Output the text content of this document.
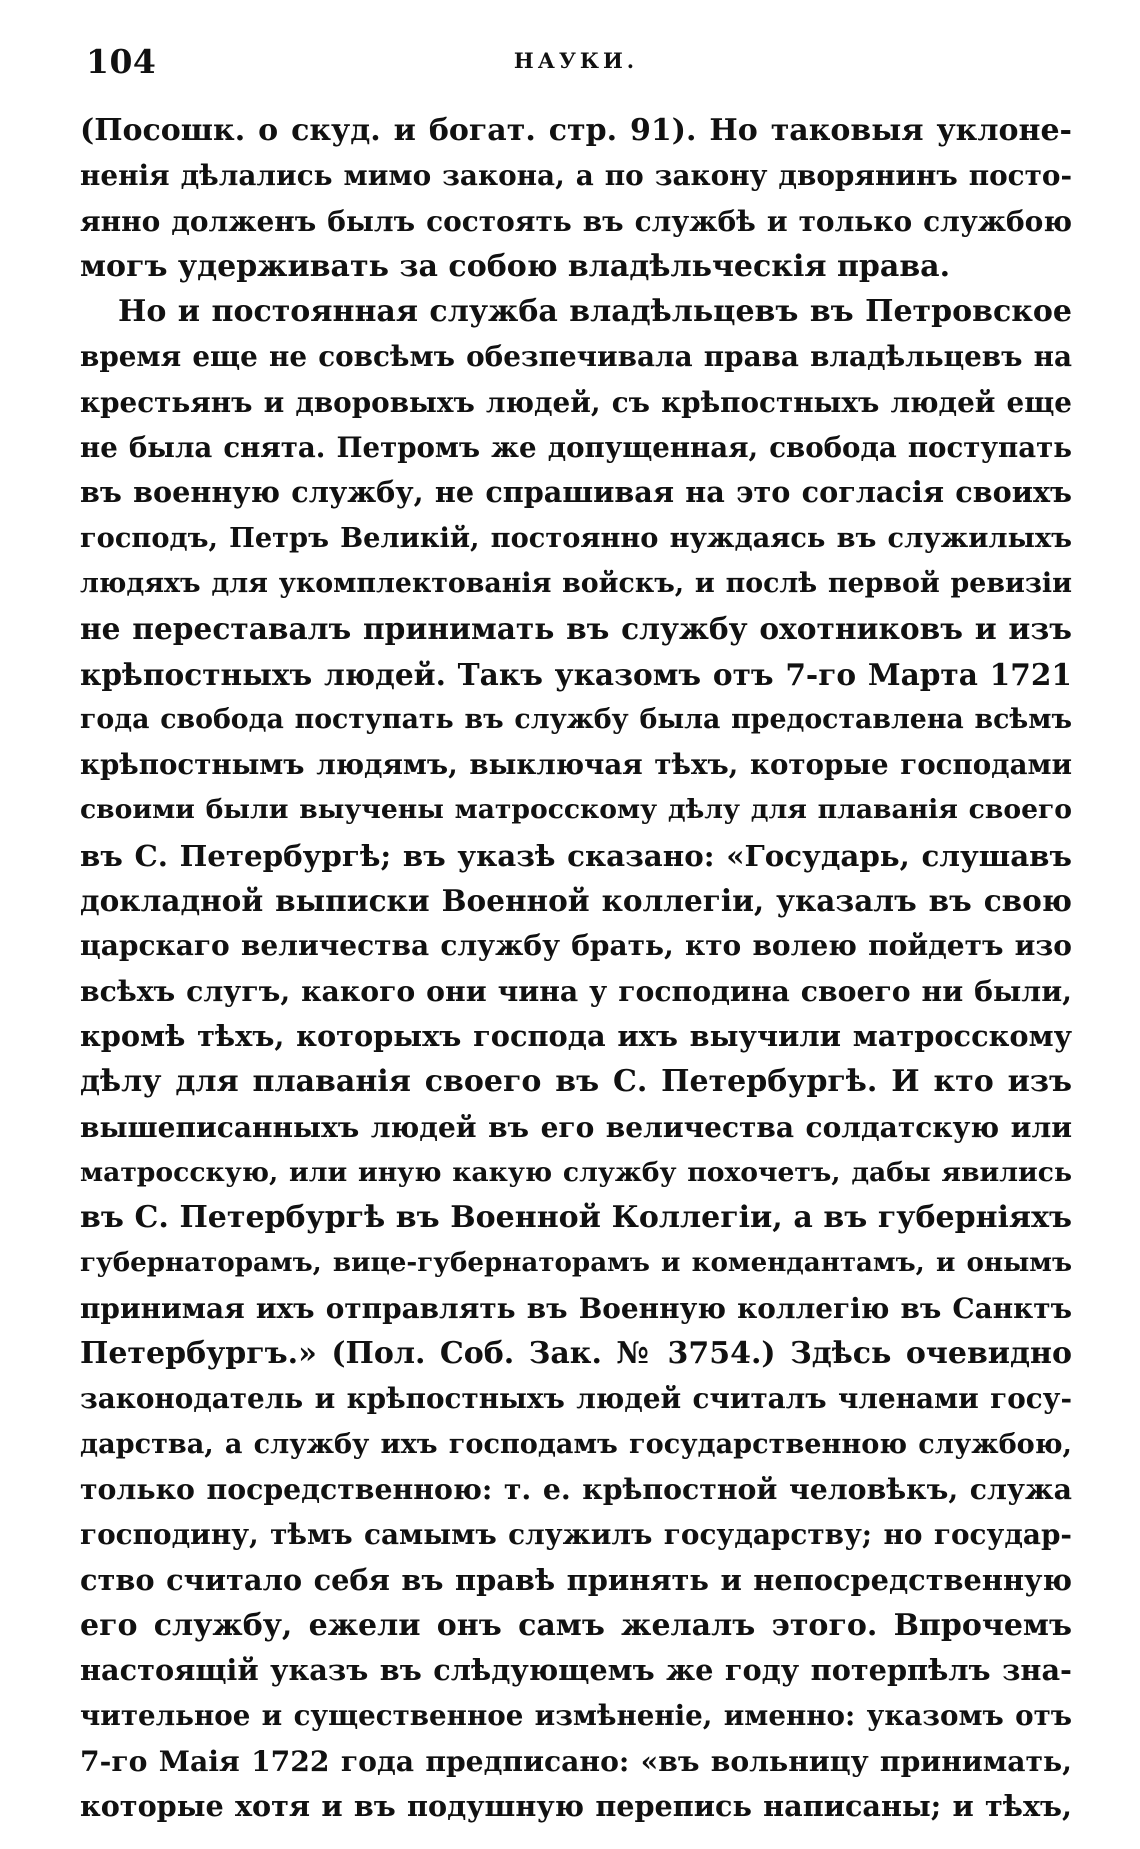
104	НАУКИ.
(Посошк. о скуд. и богат. стр. 91). Но таковыя уклоне-
ненія дѣлались мимо закона, а по закону дворянинъ посто-
янно долженъ былъ состоять въ службѣ и только службою
могъ удерживать за собою владѣльческія права.
Но и постоянная служба владѣльцевъ въ Петровское
время еще не совсѣмъ обезпечивала права владѣльцевъ на
крестьянъ и дворовыхъ людей, съ крѣпостныхъ людей еще
не была снята. Петромъ же допущенная, свобода поступать
въ военную службу, не спрашивая на это согласія своихъ
господъ, Петръ Великій, постоянно нуждаясь въ служилыхъ
людяхъ для укомплектованія войскъ, и послѣ первой ревизіи
не переставалъ принимать въ службу охотниковъ и изъ
крѣпостныхъ людей. Такъ указомъ отъ 7-го Марта 1721
года свобода поступать въ службу была предоставлена всѣмъ
крѣпостнымъ людямъ, выключая тѣхъ, которые господами
своими были выучены матросскому дѣлу для плаванія своего
въ С. Петербургѣ; въ указѣ сказано: «Государь, слушавъ
докладной выписки Военной коллегіи, указалъ въ свою
царскаго величества службу брать, кто волею пойдетъ изо
всѣхъ слугъ, какого они чина у господина своего ни были,
кромѣ тѣхъ, которыхъ господа ихъ выучили матросскому
дѣлу для плаванія своего въ С. Петербургѣ. И кто изъ
вышеписанныхъ людей въ его величества солдатскую или
матросскую, или иную какую службу похочетъ, дабы явились
въ С. Петербургѣ въ Военной Коллегіи, а въ губерніяхъ
губернаторамъ, вице-губернаторамъ и комендантамъ, и онымъ
принимая ихъ отправлять въ Военную коллегію въ Санктъ
Петербургъ.» (Пол. Соб. Зак. № 3754.) Здѣсь очевидно
законодатель и крѣпостныхъ людей считалъ членами госу-
дарства, а службу ихъ господамъ государственною службою,
только посредственною: т. е. крѣпостной человѣкъ, служа
господину, тѣмъ самымъ служилъ государству; но государ-
ство считало себя въ правѣ принять и непосредственную
его службу, ежели онъ самъ желалъ этого. Впрочемъ
настоящій указъ въ слѣдующемъ же году потерпѣлъ зна-
чительное и существенное измѣненіе, именно: указомъ отъ
7-го Маія 1722 года предписано: «въ вольницу принимать,
которые хотя и въ подушную перепись написаны; и тѣхъ,
